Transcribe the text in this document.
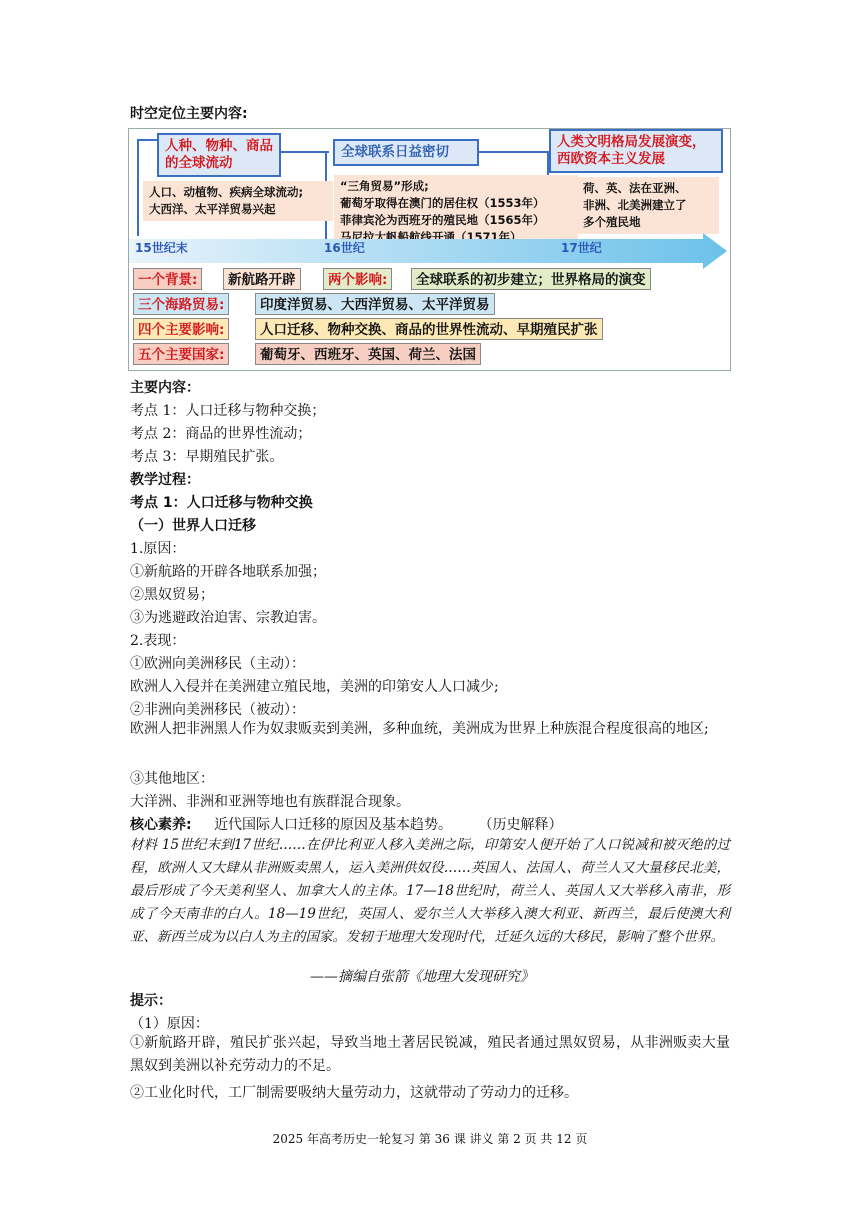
时空定位主要内容:
人种、物种、商品的全球流动
全球联系日益密切
人类文明格局发展演变，西欧资本主义发展
人口、动植物、疾病全球流动;
大西洋、太平洋贸易兴起
“三角贸易”形成;
葡萄牙取得在澳门的居住权（1553年）
菲律宾沦为西班牙的殖民地（1565年）
马尼拉大帆船航线开通（1571年）
荷、英、法在亚洲、
非洲、北美洲建立了
多个殖民地
15世纪末	16世纪	17世纪
一个背景:	新航路开辟	两个影响:	全球联系的初步建立；世界格局的演变
三个海路贸易:	印度洋贸易、大西洋贸易、太平洋贸易
四个主要影响:	人口迁移、物种交换、商品的世界性流动、早期殖民扩张
五个主要国家:	葡萄牙、西班牙、英国、荷兰、法国
主要内容：
考点 1：人口迁移与物种交换；
考点 2：商品的世界性流动；
考点 3：早期殖民扩张。
教学过程：
考点 1：人口迁移与物种交换
（一）世界人口迁移
1.原因：
①新航路的开辟各地联系加强；
②黑奴贸易；
③为逃避政治迫害、宗教迫害。
2.表现：
①欧洲向美洲移民（主动）：
欧洲人入侵并在美洲建立殖民地，美洲的印第安人人口减少;
②非洲向美洲移民（被动）：
欧洲人把非洲黑人作为奴隶贩卖到美洲，多种血统，美洲成为世界上种族混合程度很高的地区;
③其他地区：
大洋洲、非洲和亚洲等地也有族群混合现象。
核心素养: 近代国际人口迁移的原因及基本趋势。 （历史解释）
材料 15世纪末到17世纪……在伊比利亚人移入美洲之际，印第安人便开始了人口锐减和被灭绝的过程，欧洲人又大肆从非洲贩卖黑人，运入美洲供奴役……英国人、法国人、荷兰人又大量移民北美，最后形成了今天美利坚人、加拿大人的主体。17—18世纪时，荷兰人、英国人又大举移入南非，形成了今天南非的白人。18—19世纪，英国人、爱尔兰人大举移入澳大利亚、新西兰，最后使澳大利亚、新西兰成为以白人为主的国家。发轫于地理大发现时代，迁延久远的大移民，影响了整个世界。
——摘编自张箭《地理大发现研究》
提示：
（1）原因：
①新航路开辟，殖民扩张兴起，导致当地土著居民锐减，殖民者通过黑奴贸易，从非洲贩卖大量黑奴到美洲以补充劳动力的不足。
②工业化时代，工厂制需要吸纳大量劳动力，这就带动了劳动力的迁移。
2025 年高考历史一轮复习 第 36 课 讲义 第 2 页 共 12 页
